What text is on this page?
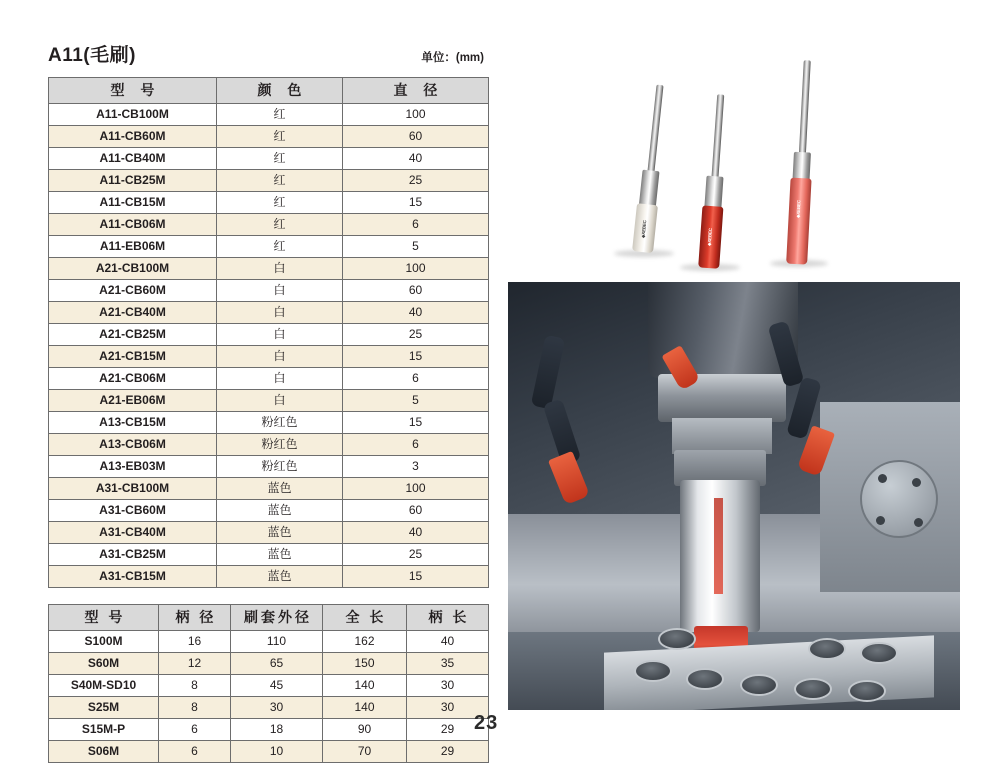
A11(毛刷)	单位：(mm)
型 号	颜 色	直 径
A11-CB100M	红	100
A11-CB60M	红	60
A11-CB40M	红	40
A11-CB25M	红	25
A11-CB15M	红	15
A11-CB06M	红	6
A11-EB06M	红	5
A21-CB100M	白	100
A21-CB60M	白	60
A21-CB40M	白	40
A21-CB25M	白	25
A21-CB15M	白	15
A21-CB06M	白	6
A21-EB06M	白	5
A13-CB15M	粉红色	15
A13-CB06M	粉红色	6
A13-EB03M	粉红色	3
A31-CB100M	蓝色	100
A31-CB60M	蓝色	60
A31-CB40M	蓝色	40
A31-CB25M	蓝色	25
A31-CB15M	蓝色	15
型 号	柄 径	刷套外径	全 长	柄 长
S100M	16	110	162	40
S60M	12	65	150	35
S40M-SD10	8	45	140	30
S25M	8	30	140	30
S15M-P	6	18	90	29
S06M	6	10	70	29
◆XEBEC	◆XEBEC
◆XEBEC
23
